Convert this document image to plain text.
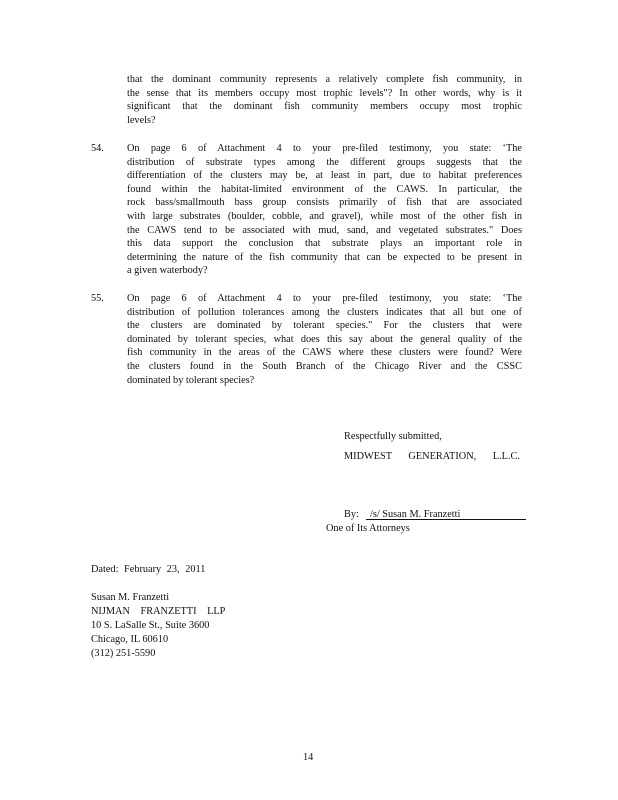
that the dominant community represents a relatively complete fish community, in
the sense that its members occupy most trophic levels"? In other words, why is it
significant that the dominant fish community members occupy most trophic
levels?
54. On page 6 of Attachment 4 to your pre-filed testimony, you state: ‘The
distribution of substrate types among the different groups suggests that the
differentiation of the clusters may be, at least in part, due to habitat preferences
found within the habitat-limited environment of the CAWS. In particular, the
rock bass/smallmouth bass group consists primarily of fish that are associated
with large substrates (boulder, cobble, and gravel), while most of the other fish in
the CAWS tend to be associated with mud, sand, and vegetated substrates." Does
this data support the conclusion that substrate plays an important role in
determining the nature of the fish community that can be expected to be present in
a given waterbody?
55. On page 6 of Attachment 4 to your pre-filed testimony, you state: ‘The
distribution of pollution tolerances among the clusters indicates that all but one of
the clusters are dominated by tolerant species." For the clusters that were
dominated by tolerant species, what does this say about the general quality of the
fish community in the areas of the CAWS where these clusters were found? Were
the clusters found in the South Branch of the Chicago River and the CSSC
dominated by tolerant species?
Respectfully submitted,
MIDWEST GENERATION, L.L.C.
By: /s/ Susan M. Franzetti
One of Its Attorneys
Dated: February 23, 2011
Susan M. Franzetti
NIJMAN FRANZETTI LLP
10 S. LaSalle St., Suite 3600
Chicago, IL 60610
(312) 251-5590
14
